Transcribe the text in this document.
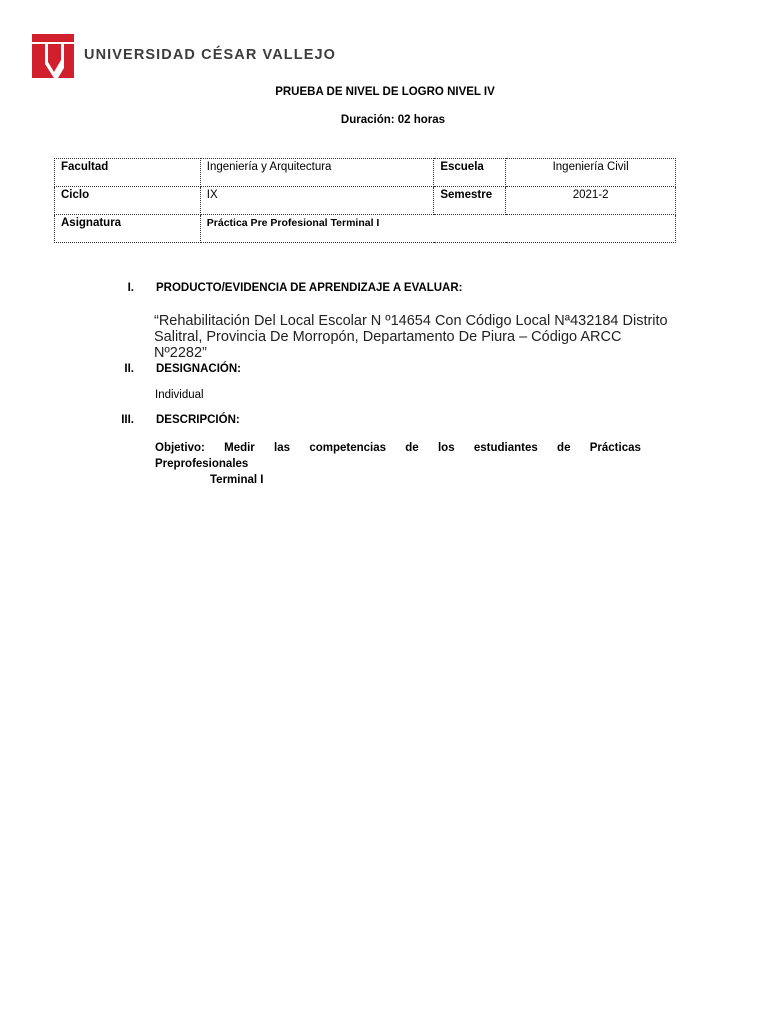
UNIVERSIDAD CÉSAR VALLEJO
PRUEBA DE NIVEL DE LOGRO NIVEL IV
Duración: 02 horas
Facultad	Ingeniería y Arquitectura	Escuela	Ingeniería Civil
Ciclo	IX	Semestre	2021-2
Asignatura	Práctica Pre Profesional Terminal I		
I. PRODUCTO/EVIDENCIA DE APRENDIZAJE A EVALUAR:
“Rehabilitación Del Local Escolar N º14654 Con Código Local Nª432184 Distrito Salitral, Provincia De Morropón, Departamento De Piura – Código ARCC Nº2282”
II. DESIGNACIÓN:
Individual
III. DESCRIPCIÓN:
Objetivo: Medir las competencias de los estudiantes de Prácticas
Preprofesionales
Terminal I
